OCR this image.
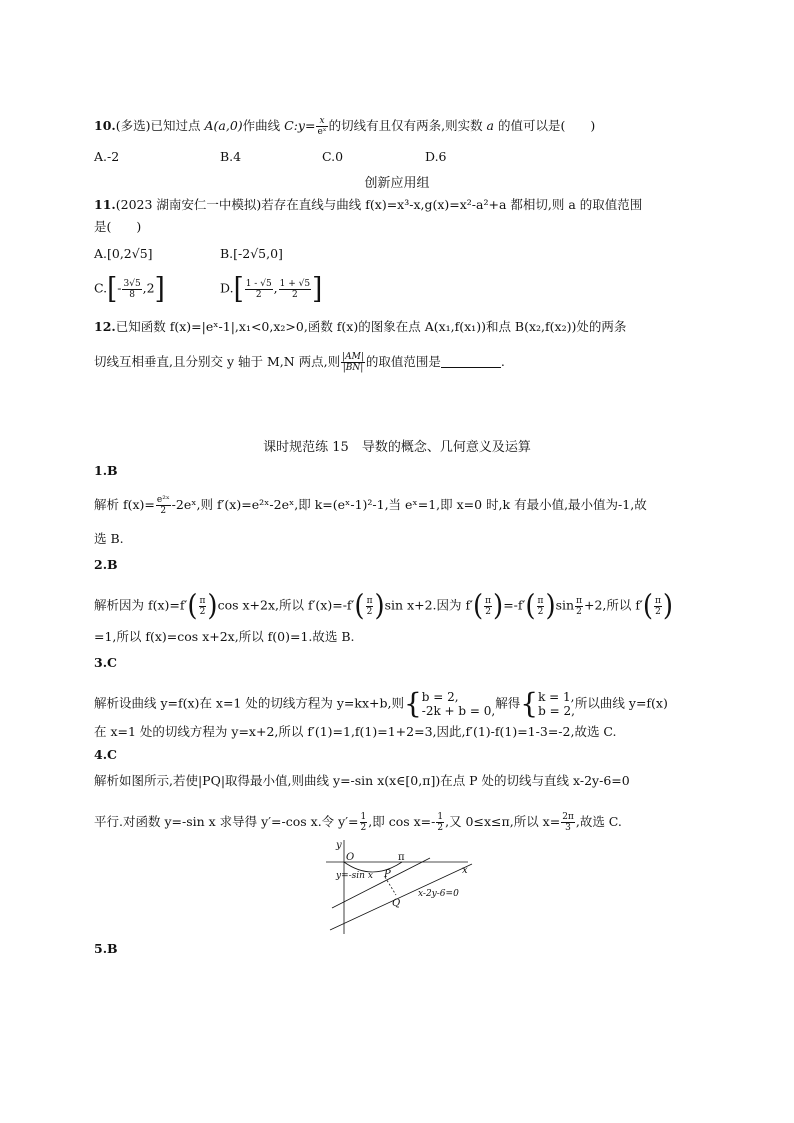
10.(多选)已知过点 A(a,0)作曲线 C:y= $\frac{x}{\text{eˣ}}$ 的切线有且仅有两条,则实数 a 的值可以是(　　)
A.-2	B.4	C.0	D.6
创新应用组
11.(2023 湖南安仁一中模拟)若存在直线与曲线 f(x)=x³-x,g(x)=x²-a²+a 都相切,则 a 的取值范围
是(　　)
A.[0,2√5]	B.[-2√5,0]
$C.[- \frac{3√5}{8} ,2]$	$D.[ \frac{1 - √5}{2}$ , $\frac{1 + √5}{2}$ ]
12.已知函数 f(x)=|eˣ-1|,x₁<0,x₂>0,函数 f(x)的图象在点 A(x₁,f(x₁))和点 B(x₂,f(x₂))处的两条
切线互相垂直,且分别交 y 轴于 M,N 两点,则 $\frac{|AM|}{|BN|}$ 的取值范围是	.
课时规范练 15　导数的概念、几何意义及运算
1.B
解析 $f(x)= \frac{\text{e²ˣ}}{2}$ -2eˣ,则 f′(x)=e²ˣ-2eˣ,即 k=(eˣ-1)²-1,当 eˣ=1,即 x=0 时,k 有最小值,最小值为-1,故
选 B.
2.B
解析因为 $f(x)=f'( \frac{\pi}{2} )\cos$ x+2x,所以 $f'(x)=-f'( \frac{\pi}{2} )\sin$ x+2.因为 $f'( \frac{\pi}{2} )=-f'( \frac{\pi}{2} )\sin \frac{\pi}{2} +2$,所以 $f'( \frac{\pi}{2}$ )
=1,所以 f(x)=cos x+2x,所以 f(0)=1.故选 B.
3.C
解析设曲线 y=f(x)在 x=1 处的切线方程为 y=kx+b,则{ b = 2,
-2k + b = 0,
解得{ k = 1,
b = 2,
所以曲线 y=f(x)
在 x=1 处的切线方程为 y=x+2,所以 f′(1)=1,f(1)=1+2=3,因此,f′(1)-f(1)=1-3=-2,故选 C.
4.C
解析如图所示,若使|PQ|取得最小值,则曲线 y=-sin x(x∈[0,π])在点 P 处的切线与直线 x-2y-6=0
平行.对函数 y=-sin x 求导得 y′=-cos x.令 $y'= \frac{1}{2}$ ,即 $\cos x=- \frac{1}{2}$ ,又 0≤x≤π,所以 $x= \frac{2\pi}{3}$ ,故选 C.
y
x
O	π
y=-sin x P
Q
x-2y-6=0
5.B
